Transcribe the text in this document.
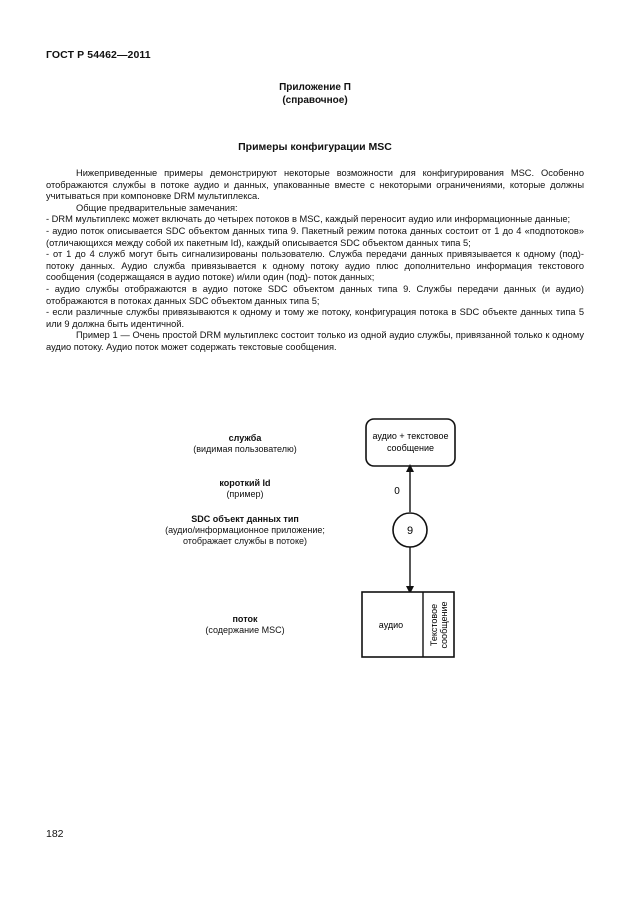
ГОСТ Р 54462—2011
Приложение П
(справочное)
Примеры конфигурации MSC

Нижеприведенные примеры демонстрируют некоторые возможности для конфигурирования MSC. Особенно отображаются службы в потоке аудио и данных, упакованные вместе с некоторыми ограничениями, которые должны учитываться при компоновке DRM мультиплекса.

Общие предварительные замечания:

- DRM мультиплекс может включать до четырех потоков в MSC, каждый переносит аудио или информационные данные;

- аудио поток описывается SDC объектом данных типа 9. Пакетный режим потока данных состоит от 1 до 4 «подпотоков» (отличающихся между собой их пакетным Id), каждый описывается SDC объектом данных типа 5;

- от 1 до 4 служб могут быть сигнализированы пользователю. Служба передачи данных привязывается к одному (под)- потоку данных. Аудио служба привязывается к одному потоку аудио плюс дополнительно информация текстового сообщения (содержащаяся в аудио потоке) и/или один (под)- поток данных;

- аудио службы отображаются в аудио потоке SDC объектом данных типа 9. Службы передачи данных (и аудио) отображаются в потоках данных SDC объектом данных типа 5;

- если различные службы привязываются к одному и тому же потоку, конфигурация потока в SDC объекте данных типа 5 или 9 должна быть идентичной.

Пример 1 — Очень простой DRM мультиплекс состоит только из одной аудио службы, привязанной только к одному аудио потоку. Аудио поток может содержать текстовые сообщения.

служба
(видимая пользователю)
короткий Id
(пример)
SDC объект данных тип
(аудио/информационное приложение;
отображает службы в потоке)
поток
(содержание MSC)
аудио + текстовое
сообщение
0
9
аудио	Текстовое сообщение
182
